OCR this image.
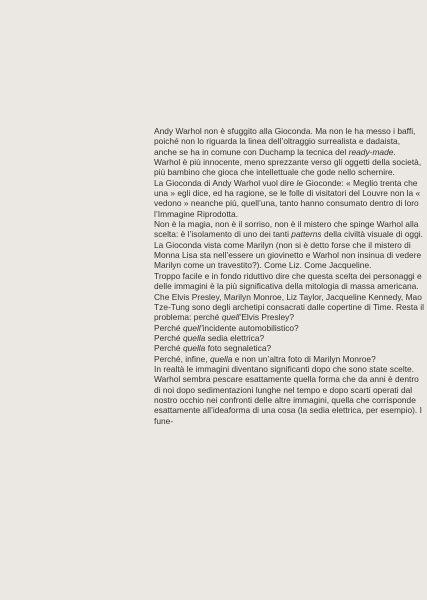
Andy Warhol non è sfuggito alla Gioconda. Ma non le ha messo i baffi, poiché non lo riguarda la linea dell’oltraggio surrealista e dadaista, anche se ha in comune con Duchamp la tecnica del ready-made.

Warhol è più innocente, meno sprezzante verso gli oggetti della società, più bambino che gioca che intellettuale che gode nello schernire.

La Gioconda di Andy Warhol vuol dire le Gioconde: « Meglio trenta che una » egli dice, ed ha ragione, se le folle di visitatori del Louvre non la « vedono » neanche più, quell’una, tanto hanno consumato dentro di loro l’Immagine Riprodotta.

Non è la magia, non è il sorriso, non è il mistero che spinge Warhol alla scelta: è l’isolamento di uno dei tanti patterns della civiltà visuale di oggi. La Gioconda vista come Marilyn (non si è detto forse che il mistero di Monna Lisa sta nell’essere un giovinetto e Warhol non insinua di vedere Marilyn come un travestito?). Come Liz. Come Jacqueline.

Troppo facile e in fondo riduttivo dire che questa scelta dei personaggi e delle immagini è la più significativa della mitologia di massa americana. Che Elvis Presley, Marilyn Monroe, Liz Taylor, Jacqueline Kennedy, Mao Tze-Tung sono degli archetipi consacrati dalle copertine di Time. Resta il problema: perché quell’Elvis Presley?

Perché quell’incidente automobilistico?

Perché quella sedia elettrica?

Perché quella foto segnaletica?

Perché, infine, quella e non un’altra foto di Marilyn Monroe?

In realtà le immagini diventano significanti dopo che sono state scelte. Warhol sembra pescare esattamente quella forma che da anni è dentro di noi dopo sedimentazioni lunghe nel tempo e dopo scarti operati dal nostro occhio nei confronti delle altre immagini, quella che corrisponde esattamente all’ideaforma di una cosa (la sedia elettrica, per esempio). I fune-
